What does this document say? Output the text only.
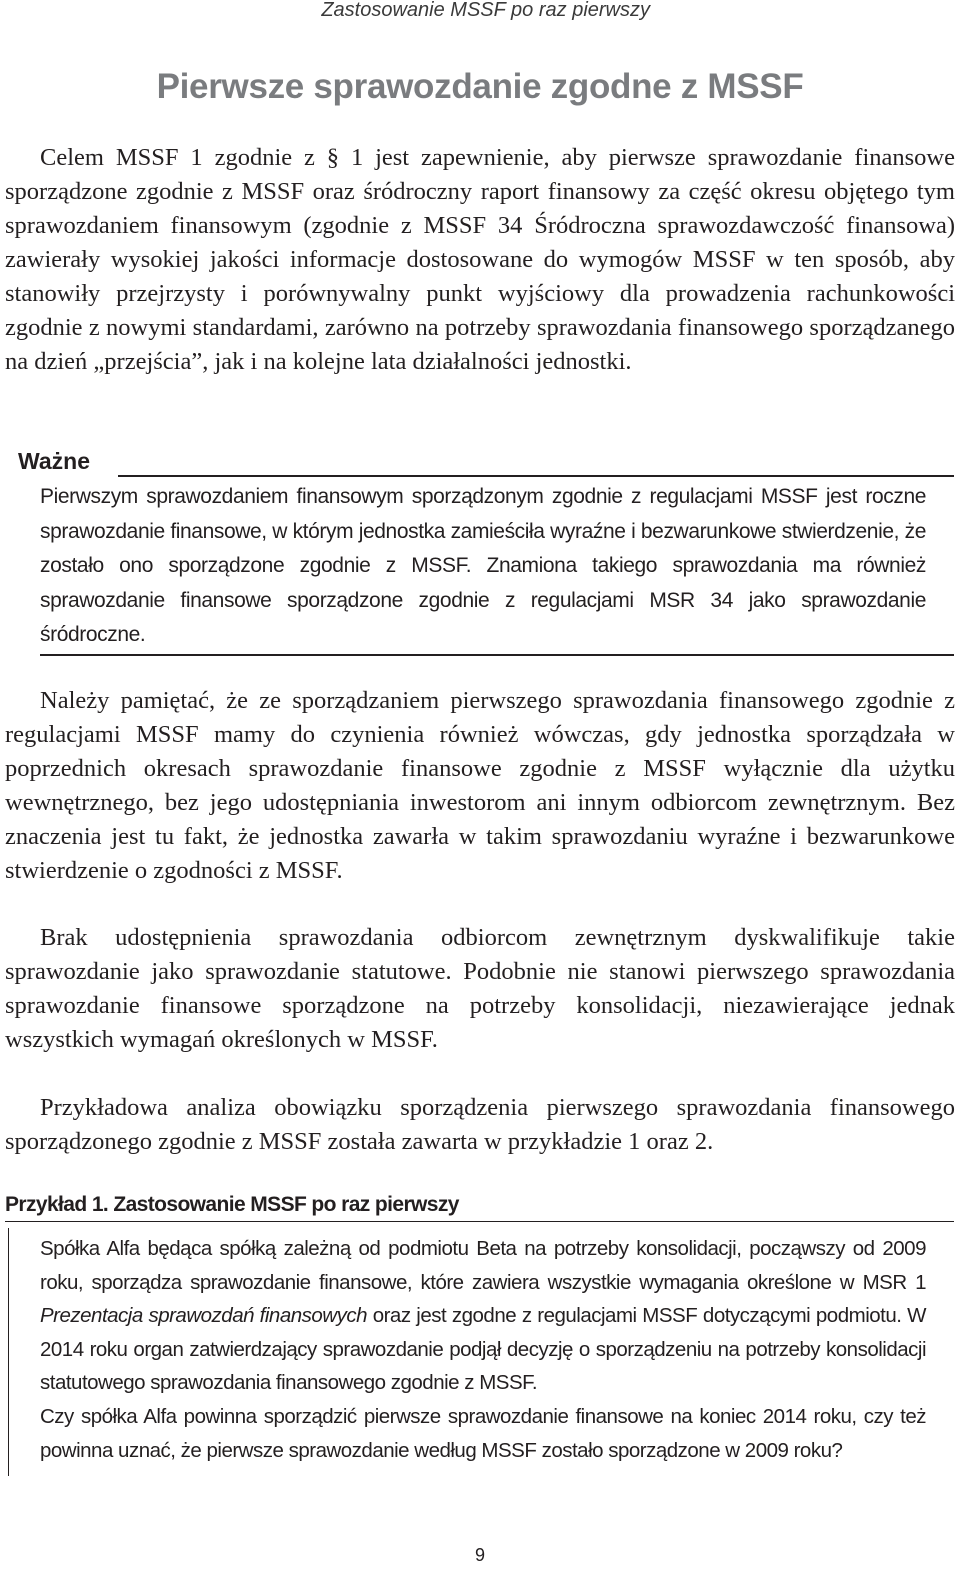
Zastosowanie MSSF po raz pierwszy
Pierwsze sprawozdanie zgodne z MSSF

Celem MSSF 1 zgodnie z § 1 jest zapewnienie, aby pierwsze sprawozdanie finansowe sporządzone zgodnie z MSSF oraz śródroczny raport finansowy za część okresu objętego tym sprawozdaniem finansowym (zgodnie z MSSF 34 Śródroczna sprawozdawczość finansowa) zawierały wysokiej jakości informacje dostosowane do wymogów MSSF w ten sposób, aby stanowiły przejrzysty i porównywalny punkt wyjściowy dla prowadzenia rachunkowości zgodnie z nowymi standardami, zarówno na potrzeby sprawozdania finansowego sporządzanego na dzień „przejścia”, jak i na kolejne lata działalności jednostki.

Ważne

Pierwszym sprawozdaniem finansowym sporządzonym zgodnie z regulacjami MSSF jest roczne sprawozdanie finansowe, w którym jednostka zamieściła wyraźne i bezwarunkowe stwierdzenie, że zostało ono sporządzone zgodnie z MSSF. Znamiona takiego sprawozdania ma również sprawozdanie finansowe sporządzone zgodnie z regulacjami MSR 34 jako sprawozdanie śródroczne.

Należy pamiętać, że ze sporządzaniem pierwszego sprawozdania finansowego zgodnie z regulacjami MSSF mamy do czynienia również wówczas, gdy jednostka sporządzała w poprzednich okresach sprawozdanie finansowe zgodnie z MSSF wyłącznie dla użytku wewnętrznego, bez jego udostępniania inwestorom ani innym odbiorcom zewnętrznym. Bez znaczenia jest tu fakt, że jednostka zawarła w takim sprawozdaniu wyraźne i bezwarunkowe stwierdzenie o zgodności z MSSF.

Brak udostępnienia sprawozdania odbiorcom zewnętrznym dyskwalifikuje takie sprawozdanie jako sprawozdanie statutowe. Podobnie nie stanowi pierwszego sprawozdania sprawozdanie finansowe sporządzone na potrzeby konsolidacji, niezawierające jednak wszystkich wymagań określonych w MSSF.

Przykładowa analiza obowiązku sporządzenia pierwszego sprawozdania finansowego sporządzonego zgodnie z MSSF została zawarta w przykładzie 1 oraz 2.

Przykład 1. Zastosowanie MSSF po raz pierwszy

Spółka Alfa będąca spółką zależną od podmiotu Beta na potrzeby konsolidacji, począwszy od 2009 roku, sporządza sprawozdanie finansowe, które zawiera wszystkie wymagania określone w MSR 1 Prezentacja sprawozdań finansowych oraz jest zgodne z regulacjami MSSF dotyczącymi podmiotu. W 2014 roku organ zatwierdzający sprawozdanie podjął decyzję o sporządzeniu na potrzeby konsolidacji statutowego sprawozdania finansowego zgodnie z MSSF.

Czy spółka Alfa powinna sporządzić pierwsze sprawozdanie finansowe na koniec 2014 roku, czy też powinna uznać, że pierwsze sprawozdanie według MSSF zostało sporządzone w 2009 roku?

9
